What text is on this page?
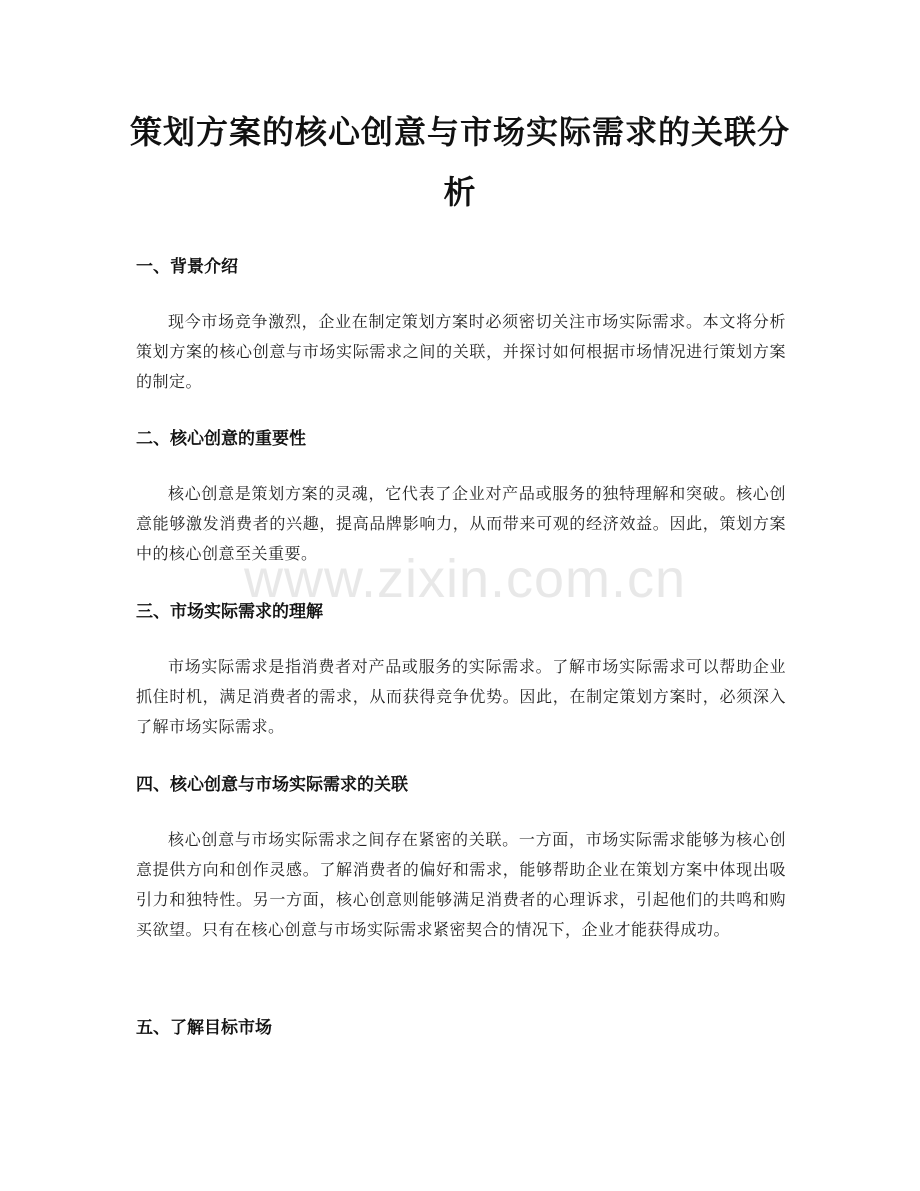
策划方案的核心创意与市场实际需求的关联分析
一、背景介绍

现今市场竞争激烈，企业在制定策划方案时必须密切关注市场实际需求。本文将分析策划方案的核心创意与市场实际需求之间的关联，并探讨如何根据市场情况进行策划方案的制定。

二、核心创意的重要性

核心创意是策划方案的灵魂，它代表了企业对产品或服务的独特理解和突破。核心创意能够激发消费者的兴趣，提高品牌影响力，从而带来可观的经济效益。因此，策划方案中的核心创意至关重要。

三、市场实际需求的理解

市场实际需求是指消费者对产品或服务的实际需求。了解市场实际需求可以帮助企业抓住时机，满足消费者的需求，从而获得竞争优势。因此，在制定策划方案时，必须深入了解市场实际需求。

四、核心创意与市场实际需求的关联

核心创意与市场实际需求之间存在紧密的关联。一方面，市场实际需求能够为核心创意提供方向和创作灵感。了解消费者的偏好和需求，能够帮助企业在策划方案中体现出吸引力和独特性。另一方面，核心创意则能够满足消费者的心理诉求，引起他们的共鸣和购买欲望。只有在核心创意与市场实际需求紧密契合的情况下，企业才能获得成功。

五、了解目标市场
www.zixin.com.cn
